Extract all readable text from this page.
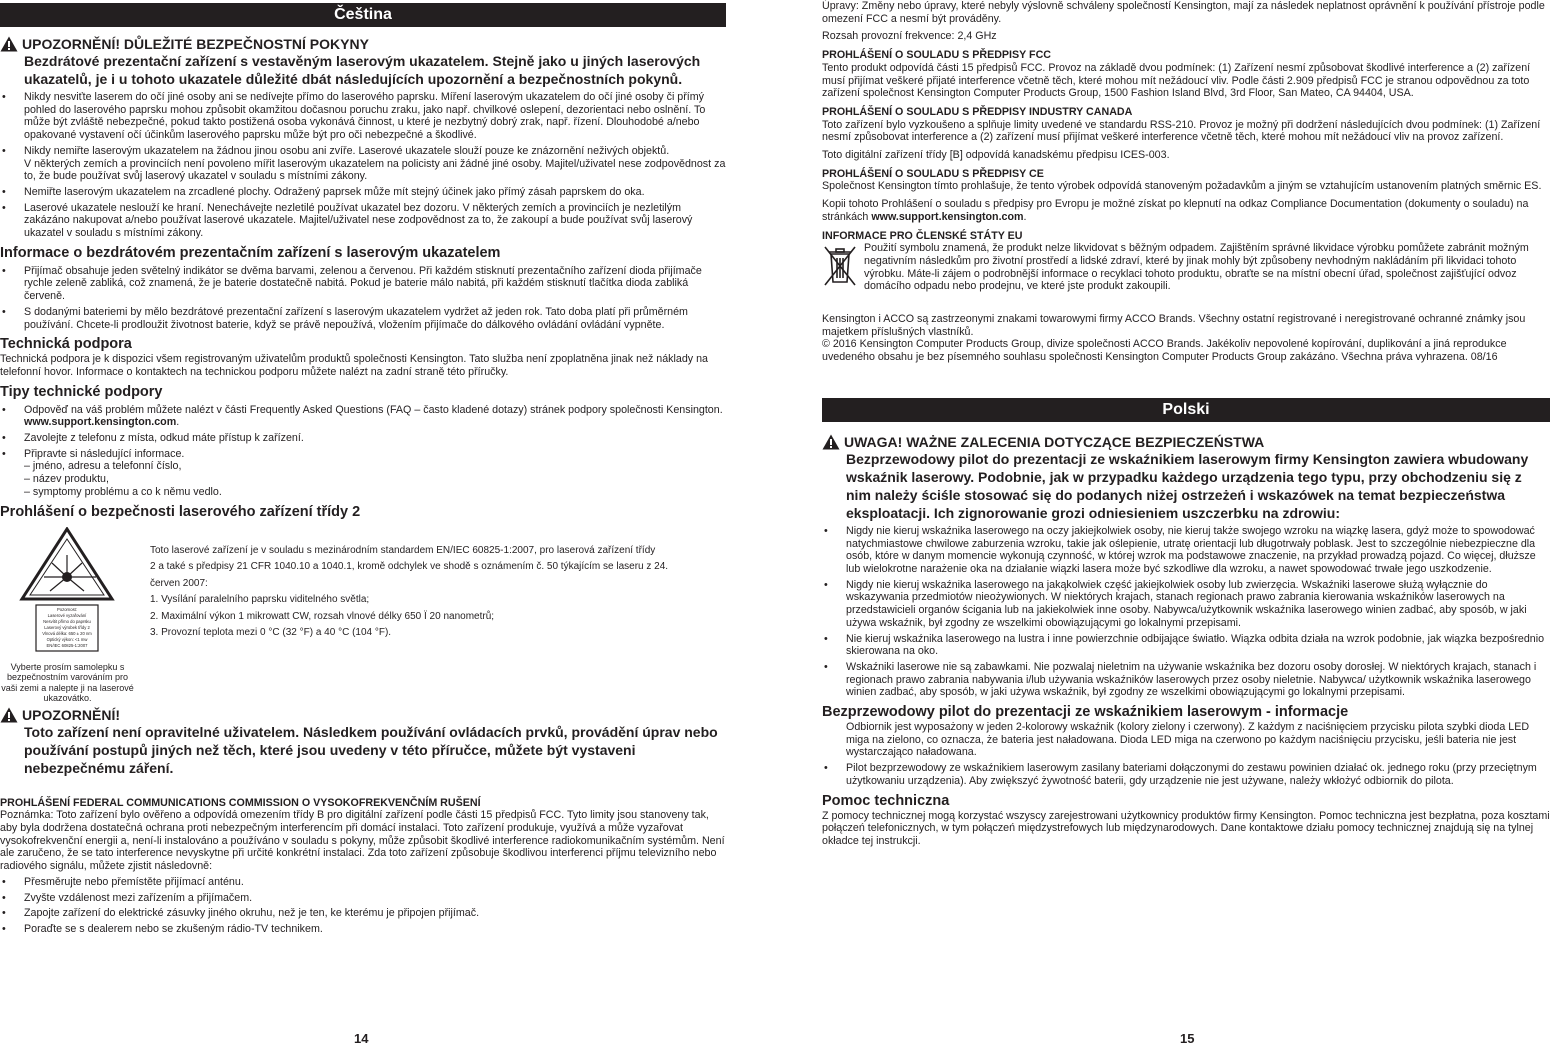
Čeština
UPOZORNĚNÍ! DŮLEŽITÉ BEZPEČNOSTNÍ POKYNY
Bezdrátové prezentační zařízení s vestavěným laserovým ukazatelem. Stejně jako u jiných laserových ukazatelů, je i u tohoto ukazatele důležité dbát následujících upozornění a bezpečnostních pokynů.
• Nikdy nesviťte laserem do očí jiné osoby ani se nedívejte přímo do laserového paprsku. Míření laserovým ukazatelem do očí jiné osoby či přímý pohled do laserového paprsku mohou způsobit okamžitou dočasnou poruchu zraku, jako např. chvilkové oslepení, dezorientaci nebo oslnění. To může být zvláště nebezpečné, pokud takto postižená osoba vykonává činnost, u které je nezbytný dobrý zrak, např. řízení. Dlouhodobé a/nebo opakované vystavení očí účinkům laserového paprsku může být pro oči nebezpečné a škodlivé.
• Nikdy nemiřte laserovým ukazatelem na žádnou jinou osobu ani zvíře. Laserové ukazatele slouží pouze ke znázornění neživých objektů.
V některých zemích a provinciích není povoleno mířit laserovým ukazatelem na policisty ani žádné jiné osoby. Majitel/uživatel nese zodpovědnost za to, že bude používat svůj laserový ukazatel v souladu s místními zákony.
• Nemiřte laserovým ukazatelem na zrcadlené plochy. Odražený paprsek může mít stejný účinek jako přímý zásah paprskem do oka.
• Laserové ukazatele neslouží ke hraní. Nenechávejte nezletilé používat ukazatel bez dozoru. V některých zemích a provinciích je nezletilým zakázáno nakupovat a/nebo používat laserové ukazatele. Majitel/uživatel nese zodpovědnost za to, že zakoupí a bude používat svůj laserový ukazatel v souladu s místními zákony.
Informace o bezdrátovém prezentačním zařízení s laserovým ukazatelem
• Přijímač obsahuje jeden světelný indikátor se dvěma barvami, zelenou a červenou. Při každém stisknutí prezentačního zařízení dioda přijímače rychle zeleně zabliká, což znamená, že je baterie dostatečně nabitá. Pokud je baterie málo nabitá, při každém stisknutí tlačítka dioda zabliká červeně.
• S dodanými bateriemi by mělo bezdrátové prezentační zařízení s laserovým ukazatelem vydržet až jeden rok. Tato doba platí při průměrném používání. Chcete-li prodloužit životnost baterie, když se právě nepoužívá, vložením přijímače do dálkového ovládání ovládání vypněte.
Technická podpora
Technická podpora je k dispozici všem registrovaným uživatelům produktů společnosti Kensington. Tato služba není zpoplatněna jinak než náklady na telefonní hovor. Informace o kontaktech na technickou podporu můžete nalézt na zadní straně této příručky.
Tipy technické podpory
• Odpověď na váš problém můžete nalézt v části Frequently Asked Questions (FAQ – často kladené dotazy) stránek podpory společnosti Kensington. www.support.kensington.com.
• Zavolejte z telefonu z místa, odkud máte přístup k zařízení.
• Připravte si následující informace.
– jméno, adresu a telefonní číslo,
– název produktu,
– symptomy problému a co k němu vedlo.
Prohlášení o bezpečnosti laserového zařízení třídy 2
Pozornost:
Laserové vyzařování
Nesvítit přímo do paprsku
Laserový výrobek třídy 2
Vlnová délka: 650 ± 20 nm
Optický výkon: <1 mw
EN/IEC 60825-1:2007
Vyberte prosím samolepku s bezpečnostním varováním pro vaši zemi a nalepte ji na laserové ukazovátko.
Toto laserové zařízení je v souladu s mezinárodním standardem EN/IEC 60825-1:2007, pro laserová zařízení třídy
2 a také s předpisy 21 CFR 1040.10 a 1040.1, kromě odchylek ve shodě s oznámením č. 50 týkajícím se laseru z 24.
červen 2007:
1. Vysílání paralelního paprsku viditelného světla;
2. Maximální výkon 1 mikrowatt CW, rozsah vlnové délky 650 Ï 20 nanometrů;
3. Provozní teplota mezi 0 °C (32 °F) a 40 °C (104 °F).
UPOZORNĚNÍ!
Toto zařízení není opravitelné uživatelem. Následkem používání ovládacích prvků, provádění úprav nebo používání postupů jiných než těch, které jsou uvedeny v této příručce, můžete být vystaveni nebezpečnému záření.
PROHLÁŠENÍ FEDERAL COMMUNICATIONS COMMISSION O VYSOKOFREKVENČNÍM RUŠENÍ
Poznámka: Toto zařízení bylo ověřeno a odpovídá omezením třídy B pro digitální zařízení podle části 15 předpisů FCC. Tyto limity jsou stanoveny tak, aby byla dodržena dostatečná ochrana proti nebezpečným interferencím při domácí instalaci. Toto zařízení produkuje, využívá a může vyzařovat vysokofrekvenční energii a, není-li instalováno a používáno v souladu s pokyny, může způsobit škodlivé interference radiokomunikačním systémům. Není ale zaručeno, že se tato interference nevyskytne při určité konkrétní instalaci. Zda toto zařízení způsobuje škodlivou interferenci příjmu televizního nebo radiového signálu, můžete zjistit následovně:
• Přesměrujte nebo přemístěte přijímací anténu.
• Zvyšte vzdálenost mezi zařízením a přijímačem.
• Zapojte zařízení do elektrické zásuvky jiného okruhu, než je ten, ke kterému je připojen přijímač.
• Poraďte se s dealerem nebo se zkušeným rádio-TV technikem.
14
Úpravy: Změny nebo úpravy, které nebyly výslovně schváleny společností Kensington, mají za následek neplatnost oprávnění k používání přístroje podle omezení FCC a nesmí být prováděny.
Rozsah provozní frekvence: 2,4 GHz
PROHLÁŠENÍ O SOULADU S PŘEDPISY FCC
Tento produkt odpovídá části 15 předpisů FCC. Provoz na základě dvou podmínek: (1) Zařízení nesmí způsobovat škodlivé interference a (2) zařízení musí přijímat veškeré přijaté interference včetně těch, které mohou mít nežádoucí vliv. Podle části 2.909 předpisů FCC je stranou odpovědnou za toto zařízení společnost Kensington Computer Products Group, 1500 Fashion Island Blvd, 3rd Floor, San Mateo, CA 94404, USA.
PROHLÁŠENÍ O SOULADU S PŘEDPISY INDUSTRY CANADA
Toto zařízení bylo vyzkoušeno a splňuje limity uvedené ve standardu RSS-210. Provoz je možný při dodržení následujících dvou podmínek: (1) Zařízení nesmí způsobovat interference a (2) zařízení musí přijímat veškeré interference včetně těch, které mohou mít nežádoucí vliv na provoz zařízení.
Toto digitální zařízení třídy [B] odpovídá kanadskému předpisu ICES-003.
PROHLÁŠENÍ O SOULADU S PŘEDPISY CE
Společnost Kensington tímto prohlašuje, že tento výrobek odpovídá stanoveným požadavkům a jiným se vztahujícím ustanovením platných směrnic ES.
Kopii tohoto Prohlášení o souladu s předpisy pro Evropu je možné získat po klepnutí na odkaz Compliance Documentation (dokumenty o souladu) na stránkách www.support.kensington.com.
INFORMACE PRO ČLENSKÉ STÁTY EU
Použití symbolu znamená, že produkt nelze likvidovat s běžným odpadem. Zajištěním správné likvidace výrobku pomůžete zabránit možným negativním následkům pro životní prostředí a lidské zdraví, které by jinak mohly být způsobeny nevhodným nakládáním při likvidaci tohoto výrobku. Máte-li zájem o podrobnější informace o recyklaci tohoto produktu, obraťte se na místní obecní úřad, společnost zajišťující odvoz domácího odpadu nebo prodejnu, ve které jste produkt zakoupili.
Kensington i ACCO są zastrzeonymi znakami towarowymi firmy ACCO Brands. Všechny ostatní registrované i neregistrované ochranné známky jsou majetkem příslušných vlastníků.
© 2016 Kensington Computer Products Group, divize společnosti ACCO Brands. Jakékoliv nepovolené kopírování, duplikování a jiná reprodukce uvedeného obsahu je bez písemného souhlasu společnosti Kensington Computer Products Group zakázáno. Všechna práva vyhrazena. 08/16
Polski
UWAGA! WAŻNE ZALECENIA DOTYCZĄCE BEZPIECZEŃSTWA
Bezprzewodowy pilot do prezentacji ze wskaźnikiem laserowym firmy Kensington zawiera wbudowany wskaźnik laserowy. Podobnie, jak w przypadku każdego urządzenia tego typu, przy obchodzeniu się z nim należy ściśle stosować się do podanych niżej ostrzeżeń i wskazówek na temat bezpieczeństwa eksploatacji. Ich zignorowanie grozi odniesieniem uszczerbku na zdrowiu:
• Nigdy nie kieruj wskaźnika laserowego na oczy jakiejkolwiek osoby, nie kieruj także swojego wzroku na wiązkę lasera, gdyż może to spowodować natychmiastowe chwilowe zaburzenia wzroku, takie jak oślepienie, utratę orientacji lub długotrwały poblask. Jest to szczególnie niebezpieczne dla osób, które w danym momencie wykonują czynność, w której wzrok ma podstawowe znaczenie, na przykład prowadzą pojazd. Co więcej, dłuższe lub wielokrotne narażenie oka na działanie wiązki lasera może być szkodliwe dla wzroku, a nawet spowodować trwałe jego uszkodzenie.
• Nigdy nie kieruj wskaźnika laserowego na jakąkolwiek część jakiejkolwiek osoby lub zwierzęcia. Wskaźniki laserowe służą wyłącznie do wskazywania przedmiotów nieożywionych. W niektórych krajach, stanach regionach prawo zabrania kierowania wskaźników laserowych na przedstawicieli organów ścigania lub na jakiekolwiek inne osoby. Nabywca/użytkownik wskaźnika laserowego winien zadbać, aby sposób, w jaki używa wskaźnik, był zgodny ze wszelkimi obowiązującymi go lokalnymi przepisami.
• Nie kieruj wskaźnika laserowego na lustra i inne powierzchnie odbijające światło. Wiązka odbita działa na wzrok podobnie, jak wiązka bezpośrednio skierowana na oko.
• Wskaźniki laserowe nie są zabawkami. Nie pozwalaj nieletnim na używanie wskaźnika bez dozoru osoby dorosłej. W niektórych krajach, stanach i regionach prawo zabrania nabywania i/lub używania wskaźników laserowych przez osoby nieletnie. Nabywca/ użytkownik wskaźnika laserowego winien zadbać, aby sposób, w jaki używa wskaźnik, był zgodny ze wszelkimi obowiązującymi go lokalnymi przepisami.
Bezprzewodowy pilot do prezentacji ze wskaźnikiem laserowym - informacje
Odbiornik jest wyposażony w jeden 2-kolorowy wskaźnik (kolory zielony i czerwony). Z każdym z naciśnięciem przycisku pilota szybki dioda LED miga na zielono, co oznacza, że bateria jest naładowana. Dioda LED miga na czerwono po każdym naciśnięciu przycisku, jeśli bateria nie jest wystarczająco naładowana.
• Pilot bezprzewodowy ze wskaźnikiem laserowym zasilany bateriami dołączonymi do zestawu powinien działać ok. jednego roku (przy przeciętnym użytkowaniu urządzenia). Aby zwiększyć żywotność baterii, gdy urządzenie nie jest używane, należy wkłożyć odbiornik do pilota.
Pomoc techniczna
Z pomocy technicznej mogą korzystać wszyscy zarejestrowani użytkownicy produktów firmy Kensington. Pomoc techniczna jest bezpłatna, poza kosztami połączeń telefonicznych, w tym połączeń międzystrefowych lub międzynarodowych. Dane kontaktowe działu pomocy technicznej znajdują się na tylnej okładce tej instrukcji.
15
